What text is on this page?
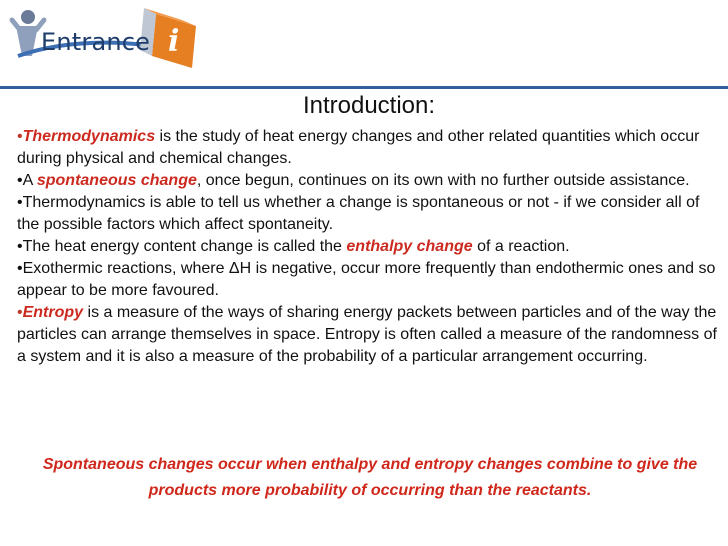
Entrance i
Introduction:

•Thermodynamics is the study of heat energy changes and other related quantities which occur during physical and chemical changes.

•A spontaneous change, once begun, continues on its own with no further outside assistance.

•Thermodynamics is able to tell us whether a change is spontaneous or not - if we consider all of the possible factors which affect spontaneity.

•The heat energy content change is called the enthalpy change of a reaction.

•Exothermic reactions, where ΔH is negative, occur more frequently than endothermic ones and so appear to be more favoured.

•Entropy is a measure of the ways of sharing energy packets between particles and of the way the particles can arrange themselves in space. Entropy is often called a measure of the randomness of a system and it is also a measure of the probability of a particular arrangement occurring.

Spontaneous changes occur when enthalpy and entropy changes combine to give the products more probability of occurring than the reactants.
